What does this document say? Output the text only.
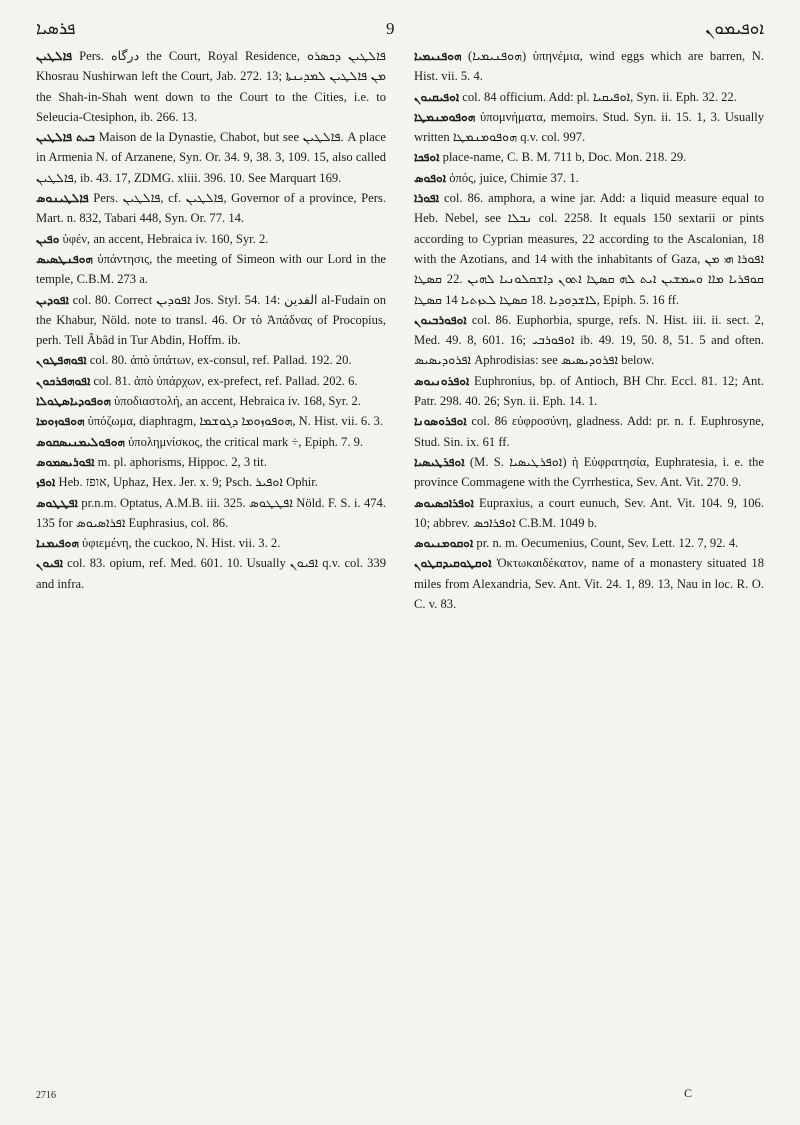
ܦܪܣܝܐ	9	ܐܘܦܝܡܘܢ

ܦܐܠܛܝܢ Pers. درگاه the Court, Royal Residence, ܦܐܠܛܝܢ ܕܟܣܪܘ Khosrau Nushirwan left the Court, Jab. 272. 13; ܡܢ ܦܐܠܛܝܢ ܠܡܕܝܢܬܐ the Shah-in-Shah went down to the Court to the Cities, i.e. to Seleucia-Ctesiphon, ib. 266. 13.

ܒܝܬ ܦܐܠܛܝܢ Maison de la Dynastie, Chabot, but see ܦܐܠܛܝܢ. A place in Armenia N. of Arzanene, Syn. Or. 34. 9, 38. 3, 109. 15, also called ܦܐܠܛܝܢ, ib. 43. 17, ZDMG. xliii. 396. 10. See Marquart 169.

ܦܐܠܛܝܢܘܣ Pers. ܦܐܠܛܝܢ, cf. ܦܐܠܛܝܢ, Governor of a province, Pers. Mart. n. 832, Tabari 448, Syn. Or. 77. 14.

ܘܦܝܢ ὑφέν, an accent, Hebraica iv. 160, Syr. 2.

ܗܘܦܢܛܣܝܣ ὑπάντησις, the meeting of Simeon with our Lord in the temple, C.B.M. 273 a.

ܐܦܘܕܝܢ col. 80. Correct ܐܦܘܕܝܢ Jos. Styl. 54. 14: الفدين al-Fudain on the Khabur, Nöld. note to transl. 46. Or τὸ Ἀπάδνας of Procopius, perh. Tell Âbâd in Tur Abdin, Hoffm. ib.

ܐܦܘܗܦܛܘܢ col. 80. ἀπὸ ὑπάτων, ex-consul, ref. Pallad. 192. 20.

ܐܦܘܗܦܪܟܘܢ col. 81. ἀπὸ ὑπάρχων, ex-prefect, ref. Pallad. 202. 6.

ܗܘܦܘܕܝܐܣܛܘܠܐ ὑποδιαστολή, an accent, Hebraica iv. 168, Syr. 2.

ܗܘܦܘܙܘܡܐ ὑπόζωμα, diaphragm, ܗܘܦܘܙܘܡܐ ܕܓܘܫܡܐ, N. Hist. vii. 6. 3.

ܗܘܦܘܠܝܡܢܝܣܩܘܣ ὑπολημνίσκος, the critical mark ÷, Epiph. 7. 9.

ܐܦܘܪܝܣܡܘܣ m. pl. aphorisms, Hippoc. 2, 3 tit.

ܐܘܦܙ Heb. אופז, Uphaz, Hex. Jer. x. 9; Psch. ܐܘܦܝܪ Ophir.

ܐܦܛܛܘܣ pr.n.m. Optatus, A.M.B. iii. 325. ܐܦܛܛܘܣ Nöld. F. S. i. 474. 135 for ܐܦܪܐܣܝܘܣ Euphrasius, col. 86.

ܗܘܦܝܡܢܐ ὑφιεμένη, the cuckoo, N. Hist. vii. 3. 2.

ܐܦܝܘܢ col. 83. opium, ref. Med. 601. 10. Usually ܐܦܝܘܢ q.v. col. 339 and infra.

ܗܘܦܢܝܡܝܐ (ܗܘܦܢܝܡܝܐ) ὑπηνέμια, wind eggs which are barren, N. Hist. vii. 5. 4.

ܐܘܦܝܩܝܘܢ col. 84 officium. Add: pl. ܐܘܦܝܩܝܐ, Syn. ii. Eph. 32. 22.

ܗܘܦܘܡܢܡܛܐ ὑπομνήματα, memoirs. Stud. Syn. ii. 15. 1, 3. Usually written ܗܘܦܘܡܢܡܛܐ q.v. col. 997.

ܐܘܦܟܐ place-name, C. B. M. 711 b, Doc. Mon. 218. 29.

ܐܘܦܘܣ ὀπός, juice, Chimie 37. 1.

ܐܦܘܪܐ col. 86. amphora, a wine jar. Add: a liquid measure equal to Heb. Nebel, see ܢܒܠܐ col. 2258. It equals 150 sextarii or pints according to Cyprian measures, 22 according to the Ascalonian, 18 with the Azotians, and 14 with the inhabitants of Gaza, ܐܦܘܪܐ ܗܝ ܡܢ ܩܘܦܪܝܐ ܡܐܐ ܘܚܡܫܝܢ ܐܝܬ ܠܗ ܩܣܛܐ ܐܬܘܢ ܕܐܫܩܠܘܢܝܐ ܠܗܝܢ .22 ܩܣܛܐ ܠܐܫܕܘܕܝܐ .18 ܩܣܛܐ ܠܥܙܬܝܐ 14 ܩܣܛܐ, Epiph. 5. 16 ff.

ܐܘܦܘܪܒܝܘܢ col. 86. Euphorbia, spurge, refs. N. Hist. iii. ii. sect. 2, Med. 49. 8, 601. 16; ܐܘܦܘܪܒܝ ib. 49. 19, 50. 8, 51. 5 and often. ܐܦܪܘܕܝܣܝܣ Aphrodisias: see ܐܦܪܘܕܝܣܝܣ below.

ܐܘܦܪܘܢܝܘܣ Euphronius, bp. of Antioch, BH Chr. Eccl. 81. 12; Ant. Patr. 298. 40. 26; Syn. ii. Eph. 14. 1.

ܐܘܦܪܘܣܘܢܐ col. 86 εὐφροσύνη, gladness. Add: pr. n. f. Euphrosyne, Stud. Sin. ix. 61 ff.

ܐܘܦܪܛܝܣܝܐ (M. S. ܐܘܦܪܛܝܣܝܐ) ἡ Εὐφρατησία, Euphratesia, i. e. the province Commagene with the Cyrrhestica, Sev. Ant. Vit. 270. 9.

ܐܘܦܪܐܟܣܝܘܣ Eupraxius, a court eunuch, Sev. Ant. Vit. 104. 9, 106. 10; abbrev. ܐܘܦܪܐܟܣ C.B.M. 1049 b.

ܐܘܩܘܡܢܝܘܣ pr. n. m. Oecumenius, Count, Sev. Lett. 12. 7, 92. 4.

ܐܘܩܛܘܩܝܕܩܛܘܢ Ὀκτωκαιδέκατον, name of a monastery situated 18 miles from Alexandria, Sev. Ant. Vit. 24. 1, 89. 13, Nau in loc. R. O. C. v. 83.

2716	C
